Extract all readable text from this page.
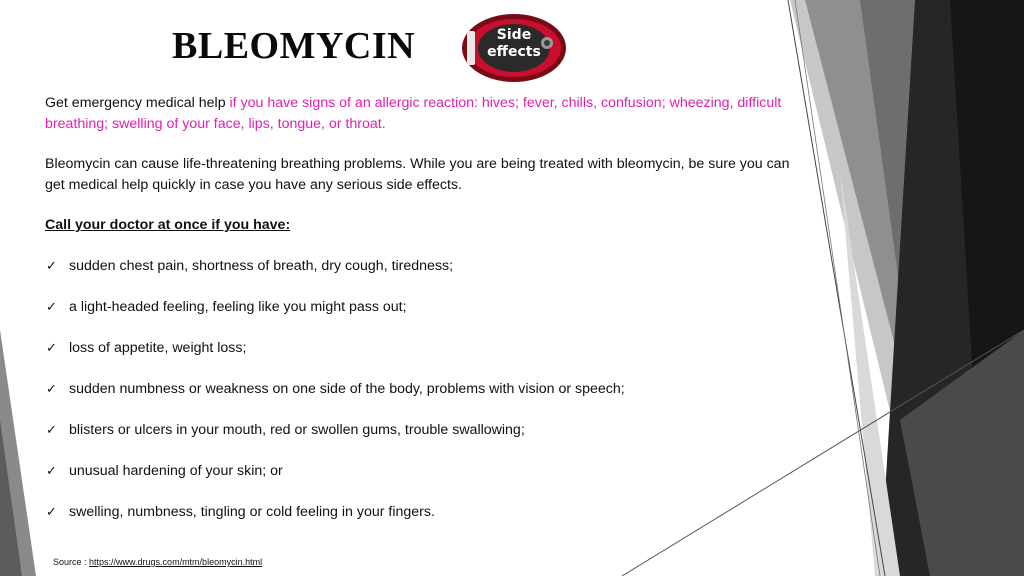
BLEOMYCIN	Side
effects

Get emergency medical help if you have signs of an allergic reaction: hives; fever, chills, confusion; wheezing, difficult breathing; swelling of your face, lips, tongue, or throat.

Bleomycin can cause life-threatening breathing problems. While you are being treated with bleomycin, be sure you can get medical help quickly in case you have any serious side effects.

Call your doctor at once if you have:

✓ sudden chest pain, shortness of breath, dry cough, tiredness;
✓ a light-headed feeling, feeling like you might pass out;
✓ loss of appetite, weight loss;
✓ sudden numbness or weakness on one side of the body, problems with vision or speech;
✓ blisters or ulcers in your mouth, red or swollen gums, trouble swallowing;
✓ unusual hardening of your skin; or
✓ swelling, numbness, tingling or cold feeling in your fingers.
Source : https://www.drugs.com/mtm/bleomycin.html
